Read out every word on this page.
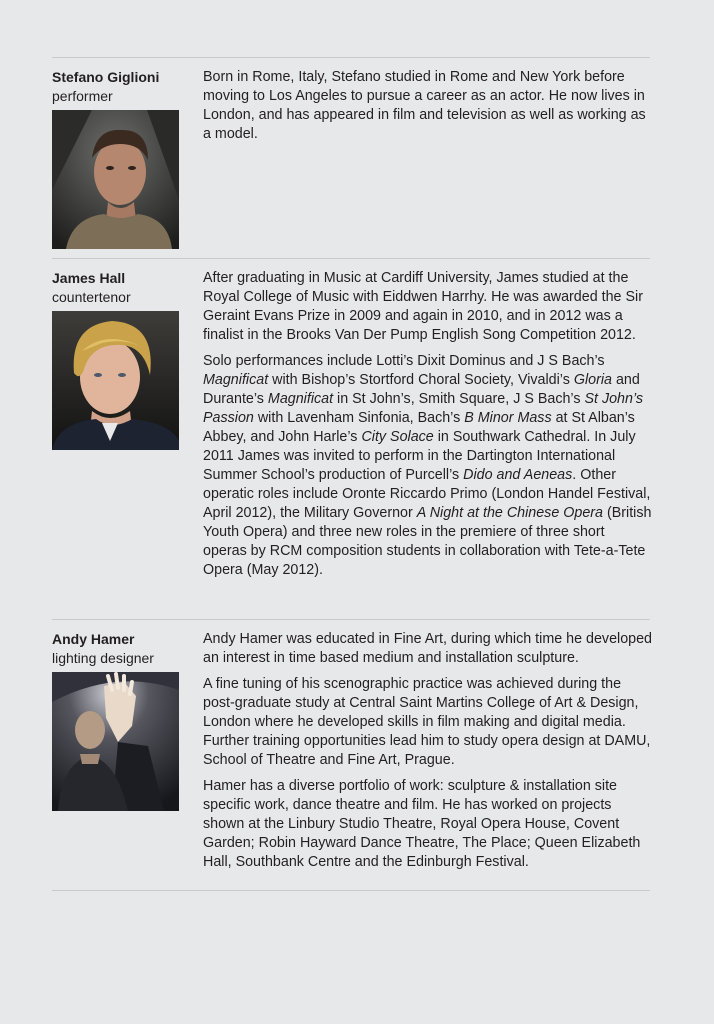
Stefano Giglioni
performer

Born in Rome, Italy, Stefano studied in Rome and New York before moving to Los Angeles to pursue a career as an actor. He now lives in London, and has appeared in film and television as well as working as a model.

James Hall
countertenor

After graduating in Music at Cardiff University, James studied at the Royal College of Music with Eiddwen Harrhy. He was awarded the Sir Geraint Evans Prize in 2009 and again in 2010, and in 2012 was a finalist in the Brooks Van Der Pump English Song Competition 2012.

Solo performances include Lotti’s Dixit Dominus and J S Bach’s Magnificat with Bishop’s Stortford Choral Society, Vivaldi’s Gloria and Durante’s Magnificat in St John’s, Smith Square, J S Bach’s St John’s Passion with Lavenham Sinfonia, Bach’s B Minor Mass at St Alban’s Abbey, and John Harle’s City Solace in Southwark Cathedral. In July 2011 James was invited to perform in the Dartington International Summer School’s production of Purcell’s Dido and Aeneas. Other operatic roles include Oronte Riccardo Primo (London Handel Festival, April 2012), the Military Governor A Night at the Chinese Opera (British Youth Opera) and three new roles in the premiere of three short operas by RCM composition students in collaboration with Tete-a-Tete Opera (May 2012).

Andy Hamer
lighting designer

Andy Hamer was educated in Fine Art, during which time he developed an interest in time based medium and installation sculpture.

A fine tuning of his scenographic practice was achieved during the post-graduate study at Central Saint Martins College of Art & Design, London where he developed skills in film making and digital media. Further training opportunities lead him to study opera design at DAMU, School of Theatre and Fine Art, Prague.

Hamer has a diverse portfolio of work: sculpture & installation site specific work, dance theatre and film. He has worked on projects shown at the Linbury Studio Theatre, Royal Opera House, Covent Garden; Robin Hayward Dance Theatre, The Place; Queen Elizabeth Hall, Southbank Centre and the Edinburgh Festival.
